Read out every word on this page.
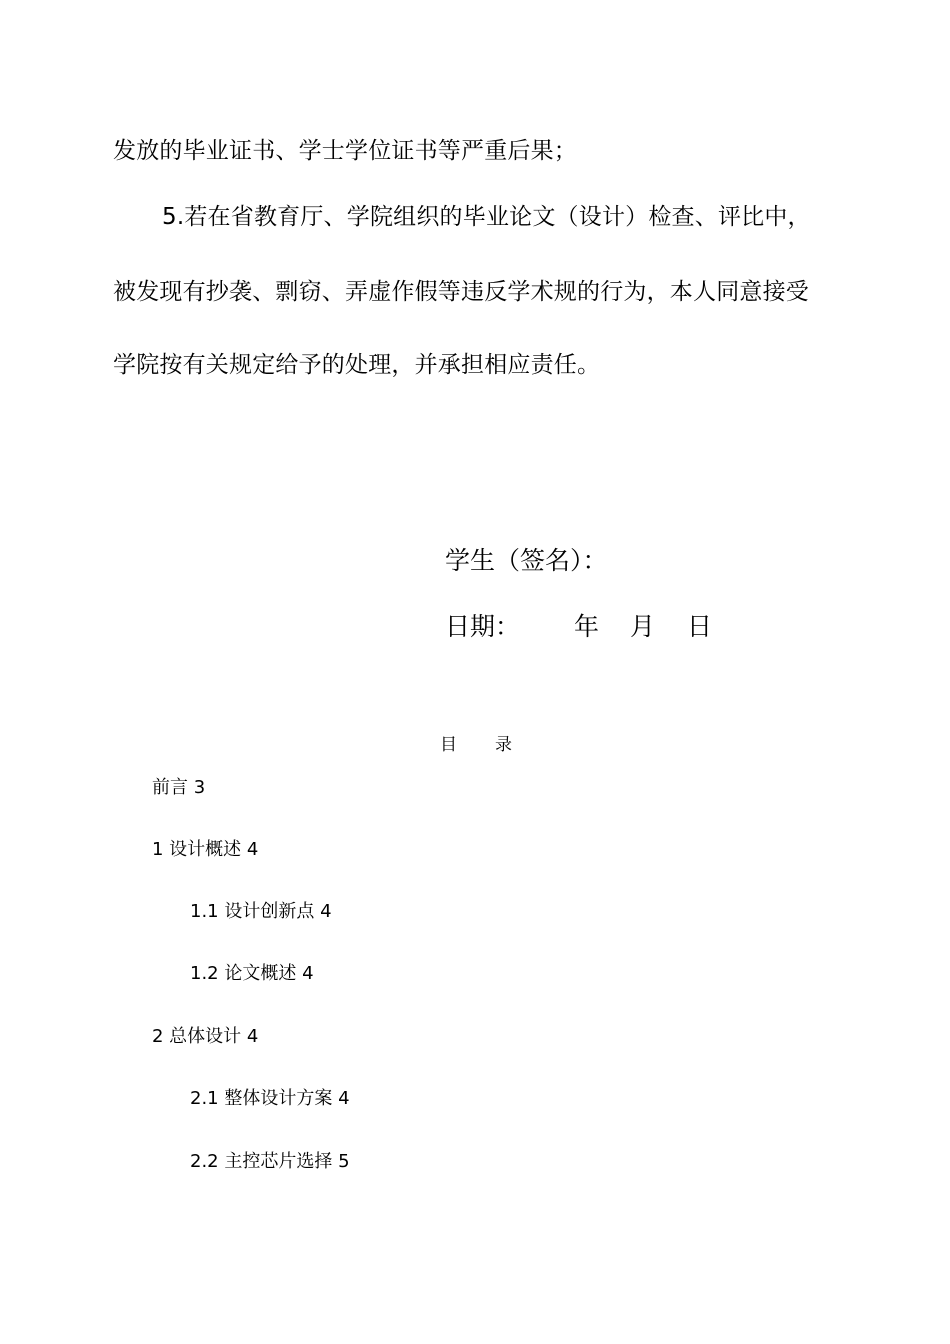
发放的毕业证书、学士学位证书等严重后果；
5.若在省教育厅、学院组织的毕业论文（设计）检查、评比中，
被发现有抄袭、剽窃、弄虚作假等违反学术规的行为，本人同意接受
学院按有关规定给予的处理，并承担相应责任。
学生（签名）：
日期： 年 月 日
目 录
前言 3
1 设计概述 4
1.1 设计创新点 4
1.2 论文概述 4
2 总体设计 4
2.1 整体设计方案 4
2.2 主控芯片选择 5
